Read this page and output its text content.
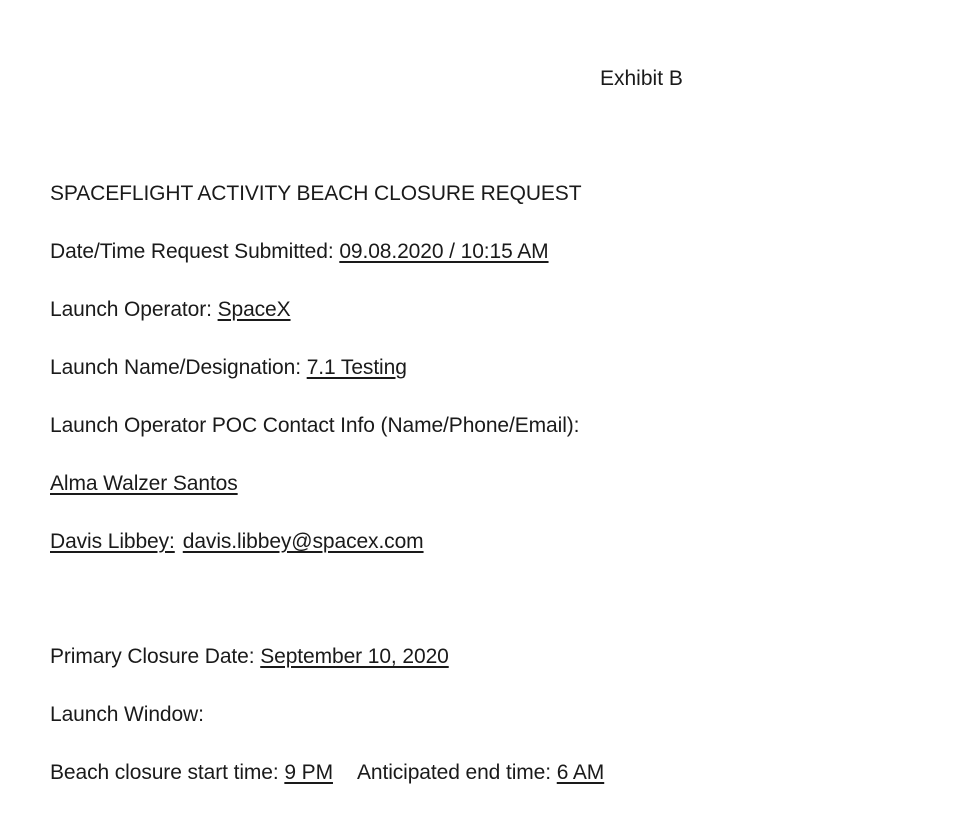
Exhibit B
SPACEFLIGHT ACTIVITY BEACH CLOSURE REQUEST
Date/Time Request Submitted: 09.08.2020 / 10:15 AM
Launch Operator: SpaceX
Launch Name/Designation: 7.1 Testing
Launch Operator POC Contact Info (Name/Phone/Email):
Alma Walzer Santos
Davis Libbey: davis.libbey@spacex.com
Primary Closure Date: September 10, 2020
Launch Window:
Beach closure start time: 9 PM Anticipated end time: 6 AM
